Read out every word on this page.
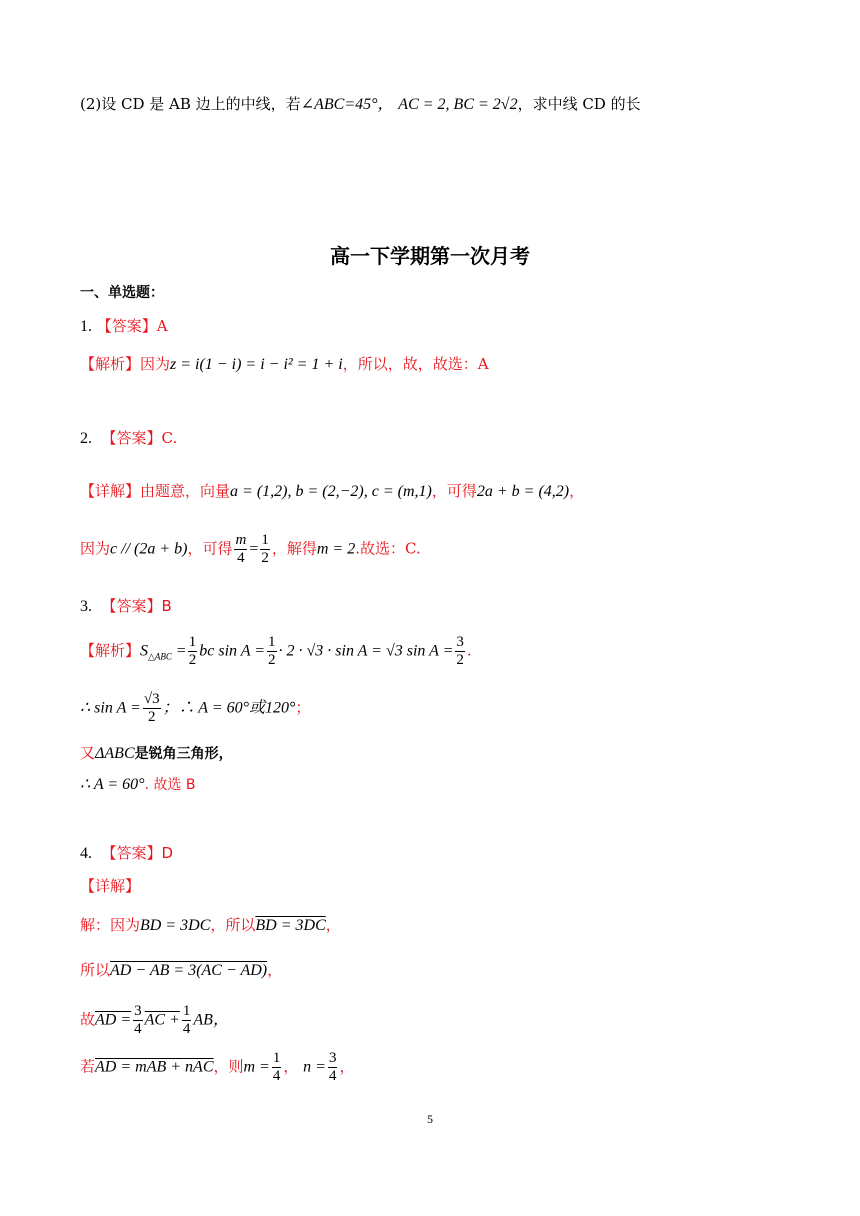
(2)设 CD 是 AB 边上的中线，若∠ABC=45°， AC = 2, BC = 2√2，求中线 CD 的长
高一下学期第一次月考
一、单选题：
1. 【答案】A
【解析】因为z = i(1 − i) = i − i² = 1 + i，所以，故，故选：A
2. 【答案】C.
【详解】由题意，向量a = (1,2), b = (2,−2), c = (m,1)，可得2a + b = (4,2)，
因为c // (2a + b)，可得 $\frac{m}{4} = \frac{1}{2}$ ，解得m = 2.故选：C.
3. 【答案】B
【解析】$S_{\triangle ABC} = \frac{1}{2}$ bc $\sin A = \frac{1}{2} \cdot 2 \cdot √3 \cdot \sin A = √3$ $\sin A = \frac{3}{2}$ .
∴ $\sin A = \frac{√3}{2}$ ；∴ A = 60°或120°；
又ΔABC是锐角三角形，
∴ A = 60°. 故选 B
4. 【答案】D
【详解】
解：因为BD = 3DC，所以BD = 3DC，
所以AD − AB = 3(AC − AD)，
故AD = $\frac{3}{4}$ AC + $\frac{1}{4}$ AB，
若AD = mAB + nAC，则$m = \frac{1}{4}$ ， $n = \frac{3}{4}$ ，
5
